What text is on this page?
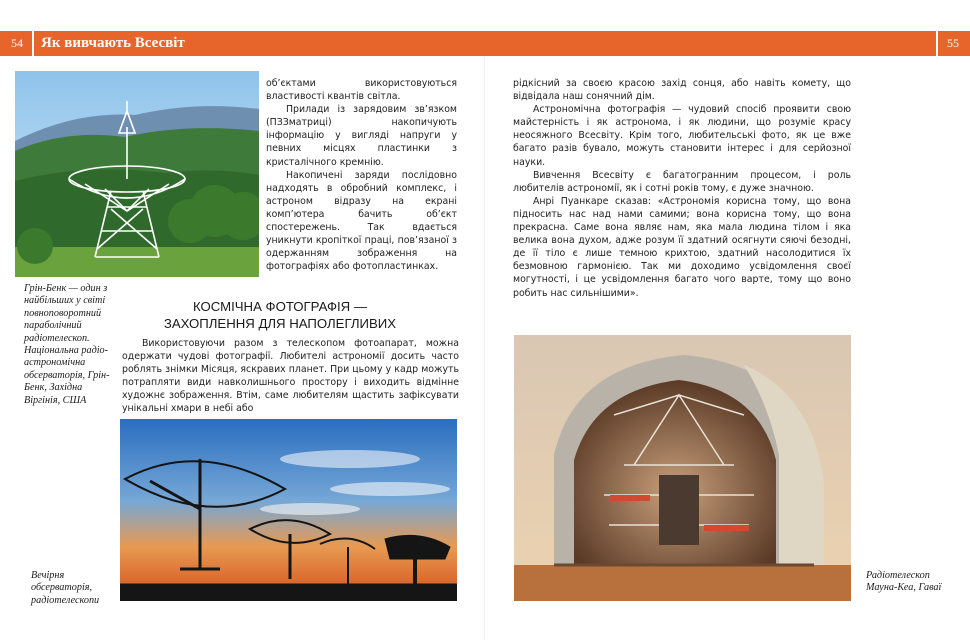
54	Як вивчають Всесвіт	55

об’єктами використовуються властивості квантів світла.

Прилади із зарядовим зв’язком (ПЗЗматриці) накопичують інформацію у вигляді напруги у певних місцях пластинки з кристалічного кремнію.

Накопичені заряди послідовно надходять в обробний комплекс, і астроном відразу на екрані комп’ютера бачить об’єкт спостережень. Так вдається уникнути кропіткої праці, пов’язаної з одержанням зображення на фотографіях або фотопластинках.

Грін-Бенк — один з найбільших у світі повноповоротний параболічний радіотелескоп. Національна радіо-астрономічна обсерваторія, Грін-Бенк, Західна Віргінія, США
КОСМІЧНА ФОТОГРАФІЯ —
ЗАХОПЛЕННЯ ДЛЯ НАПОЛЕГЛИВИХ

Використовуючи разом з телескопом фотоапарат, можна одержати чудові фотографії. Любителі астрономії досить часто роблять знімки Місяця, яскравих планет. При цьому у кадр можуть потрапляти види навколишнього простору і виходить відмінне художнє зображення. Втім, саме любителям щастить зафіксувати унікальні хмари в небі або

Вечірня обсерваторія, радіотелескопи

рідкісний за своєю красою захід сонця, або навіть комету, що відвідала наш сонячний дім.

Астрономічна фотографія — чудовий спосіб проявити свою майстерність і як астронома, і як людини, що розуміє красу неосяжного Всесвіту. Крім того, любительські фото, як це вже багато разів бувало, можуть становити інтерес і для серйозної науки.

Вивчення Всесвіту є багатогранним процесом, і роль любителів астрономії, як і сотні років тому, є дуже значною.

Анрі Пуанкаре сказав: «Астрономія корисна тому, що вона підносить нас над нами самими; вона корисна тому, що вона прекрасна. Саме вона являє нам, яка мала людина тілом і яка велика вона духом, адже розум її здатний осягнути сяючі безодні, де її тіло є лише темною крихтою, здатний насолодитися їх безмовною гармонією. Так ми доходимо усвідомлення своєї могутності, і це усвідомлення багато чого варте, тому що воно робить нас сильнішими».

Радіотелескоп Мауна-Кеа, Гаваї
